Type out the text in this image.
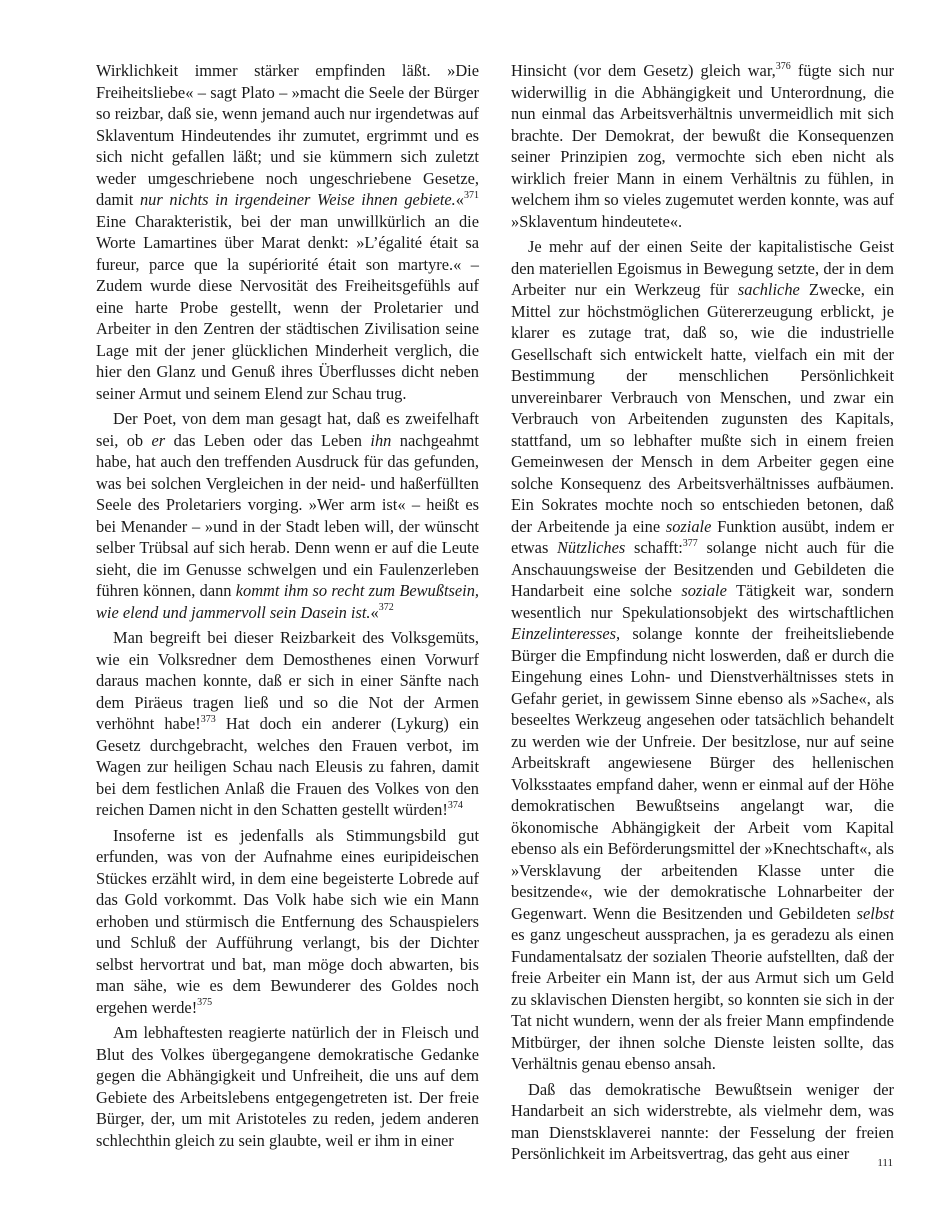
Wirklichkeit immer stärker empfinden läßt. »Die Freiheitsliebe« – sagt Plato – »macht die Seele der Bürger so reizbar, daß sie, wenn jemand auch nur irgendetwas auf Sklaventum Hindeutendes ihr zumutet, ergrimmt und es sich nicht gefallen läßt; und sie kümmern sich zuletzt weder umgeschriebene noch ungeschriebene Gesetze, damit nur nichts in irgendeiner Weise ihnen gebiete.«$^{371}$ Eine Charakteristik, bei der man unwillkürlich an die Worte Lamartines über Marat denkt: »L’égalité était sa fureur, parce que la supériorité était son martyre.« – Zudem wurde diese Nervosität des Freiheitsgefühls auf eine harte Probe gestellt, wenn der Proletarier und Arbeiter in den Zentren der städtischen Zivilisation seine Lage mit der jener glücklichen Minderheit verglich, die hier den Glanz und Genuß ihres Überflusses dicht neben seiner Armut und seinem Elend zur Schau trug.

Der Poet, von dem man gesagt hat, daß es zweifelhaft sei, ob er das Leben oder das Leben ihn nachgeahmt habe, hat auch den treffenden Ausdruck für das gefunden, was bei solchen Vergleichen in der neid- und haßerfüllten Seele des Proletariers vorging. »Wer arm ist« – heißt es bei Menander – »und in der Stadt leben will, der wünscht selber Trübsal auf sich herab. Denn wenn er auf die Leute sieht, die im Genusse schwelgen und ein Faulenzerleben führen können, dann kommt ihm so recht zum Bewußtsein, wie elend und jammervoll sein Dasein ist.«$^{372}$

Man begreift bei dieser Reizbarkeit des Volksgemüts, wie ein Volksredner dem Demosthenes einen Vorwurf daraus machen konnte, daß er sich in einer Sänfte nach dem Piräeus tragen ließ und so die Not der Armen verhöhnt habe!$^{373}$ Hat doch ein anderer (Lykurg) ein Gesetz durchgebracht, welches den Frauen verbot, im Wagen zur heiligen Schau nach Eleusis zu fahren, damit bei dem festlichen Anlaß die Frauen des Volkes von den reichen Damen nicht in den Schatten gestellt würden!$^{374}$

Insoferne ist es jedenfalls als Stimmungsbild gut erfunden, was von der Aufnahme eines euripideischen Stückes erzählt wird, in dem eine begeisterte Lobrede auf das Gold vorkommt. Das Volk habe sich wie ein Mann erhoben und stürmisch die Entfernung des Schauspielers und Schluß der Aufführung verlangt, bis der Dichter selbst hervortrat und bat, man möge doch abwarten, bis man sähe, wie es dem Bewunderer des Goldes noch ergehen werde!$^{375}$

Am lebhaftesten reagierte natürlich der in Fleisch und Blut des Volkes übergegangene demokratische Gedanke gegen die Abhängigkeit und Unfreiheit, die uns auf dem Gebiete des Arbeitslebens entgegengetreten ist. Der freie Bürger, der, um mit Aristoteles zu reden, jedem anderen schlechthin gleich zu sein glaubte, weil er ihm in einer

Hinsicht (vor dem Gesetz) gleich war,$^{376}$ fügte sich nur widerwillig in die Abhängigkeit und Unterordnung, die nun einmal das Arbeitsverhältnis unvermeidlich mit sich brachte. Der Demokrat, der bewußt die Konsequenzen seiner Prinzipien zog, vermochte sich eben nicht als wirklich freier Mann in einem Verhältnis zu fühlen, in welchem ihm so vieles zugemutet werden konnte, was auf »Sklaventum hindeutete«.

Je mehr auf der einen Seite der kapitalistische Geist den materiellen Egoismus in Bewegung setzte, der in dem Arbeiter nur ein Werkzeug für sachliche Zwecke, ein Mittel zur höchstmöglichen Gütererzeugung erblickt, je klarer es zutage trat, daß so, wie die industrielle Gesellschaft sich entwickelt hatte, vielfach ein mit der Bestimmung der menschlichen Persönlichkeit unvereinbarer Verbrauch von Menschen, und zwar ein Verbrauch von Arbeitenden zugunsten des Kapitals, stattfand, um so lebhafter mußte sich in einem freien Gemeinwesen der Mensch in dem Arbeiter gegen eine solche Konsequenz des Arbeitsverhältnisses aufbäumen. Ein Sokrates mochte noch so entschieden betonen, daß der Arbeitende ja eine soziale Funktion ausübt, indem er etwas Nützliches schafft:$^{377}$ solange nicht auch für die Anschauungsweise der Besitzenden und Gebildeten die Handarbeit eine solche soziale Tätigkeit war, sondern wesentlich nur Spekulationsobjekt des wirtschaftlichen Einzelinteresses, solange konnte der freiheitsliebende Bürger die Empfindung nicht loswerden, daß er durch die Eingehung eines Lohn- und Dienstverhältnisses stets in Gefahr geriet, in gewissem Sinne ebenso als »Sache«, als beseeltes Werkzeug angesehen oder tatsächlich behandelt zu werden wie der Unfreie. Der besitzlose, nur auf seine Arbeitskraft angewiesene Bürger des hellenischen Volksstaates empfand daher, wenn er einmal auf der Höhe demokratischen Bewußtseins angelangt war, die ökonomische Abhängigkeit der Arbeit vom Kapital ebenso als ein Beförderungsmittel der »Knechtschaft«, als »Versklavung der arbeitenden Klasse unter die besitzende«, wie der demokratische Lohnarbeiter der Gegenwart. Wenn die Besitzenden und Gebildeten selbst es ganz ungescheut aussprachen, ja es geradezu als einen Fundamentalsatz der sozialen Theorie aufstellten, daß der freie Arbeiter ein Mann ist, der aus Armut sich um Geld zu sklavischen Diensten hergibt, so konnten sie sich in der Tat nicht wundern, wenn der als freier Mann empfindende Mitbürger, der ihnen solche Dienste leisten sollte, das Verhältnis genau ebenso ansah.

Daß das demokratische Bewußtsein weniger der Handarbeit an sich widerstrebte, als vielmehr dem, was man Dienstsklaverei nannte: der Fesselung der freien Persönlichkeit im Arbeitsvertrag, das geht aus einer	111
